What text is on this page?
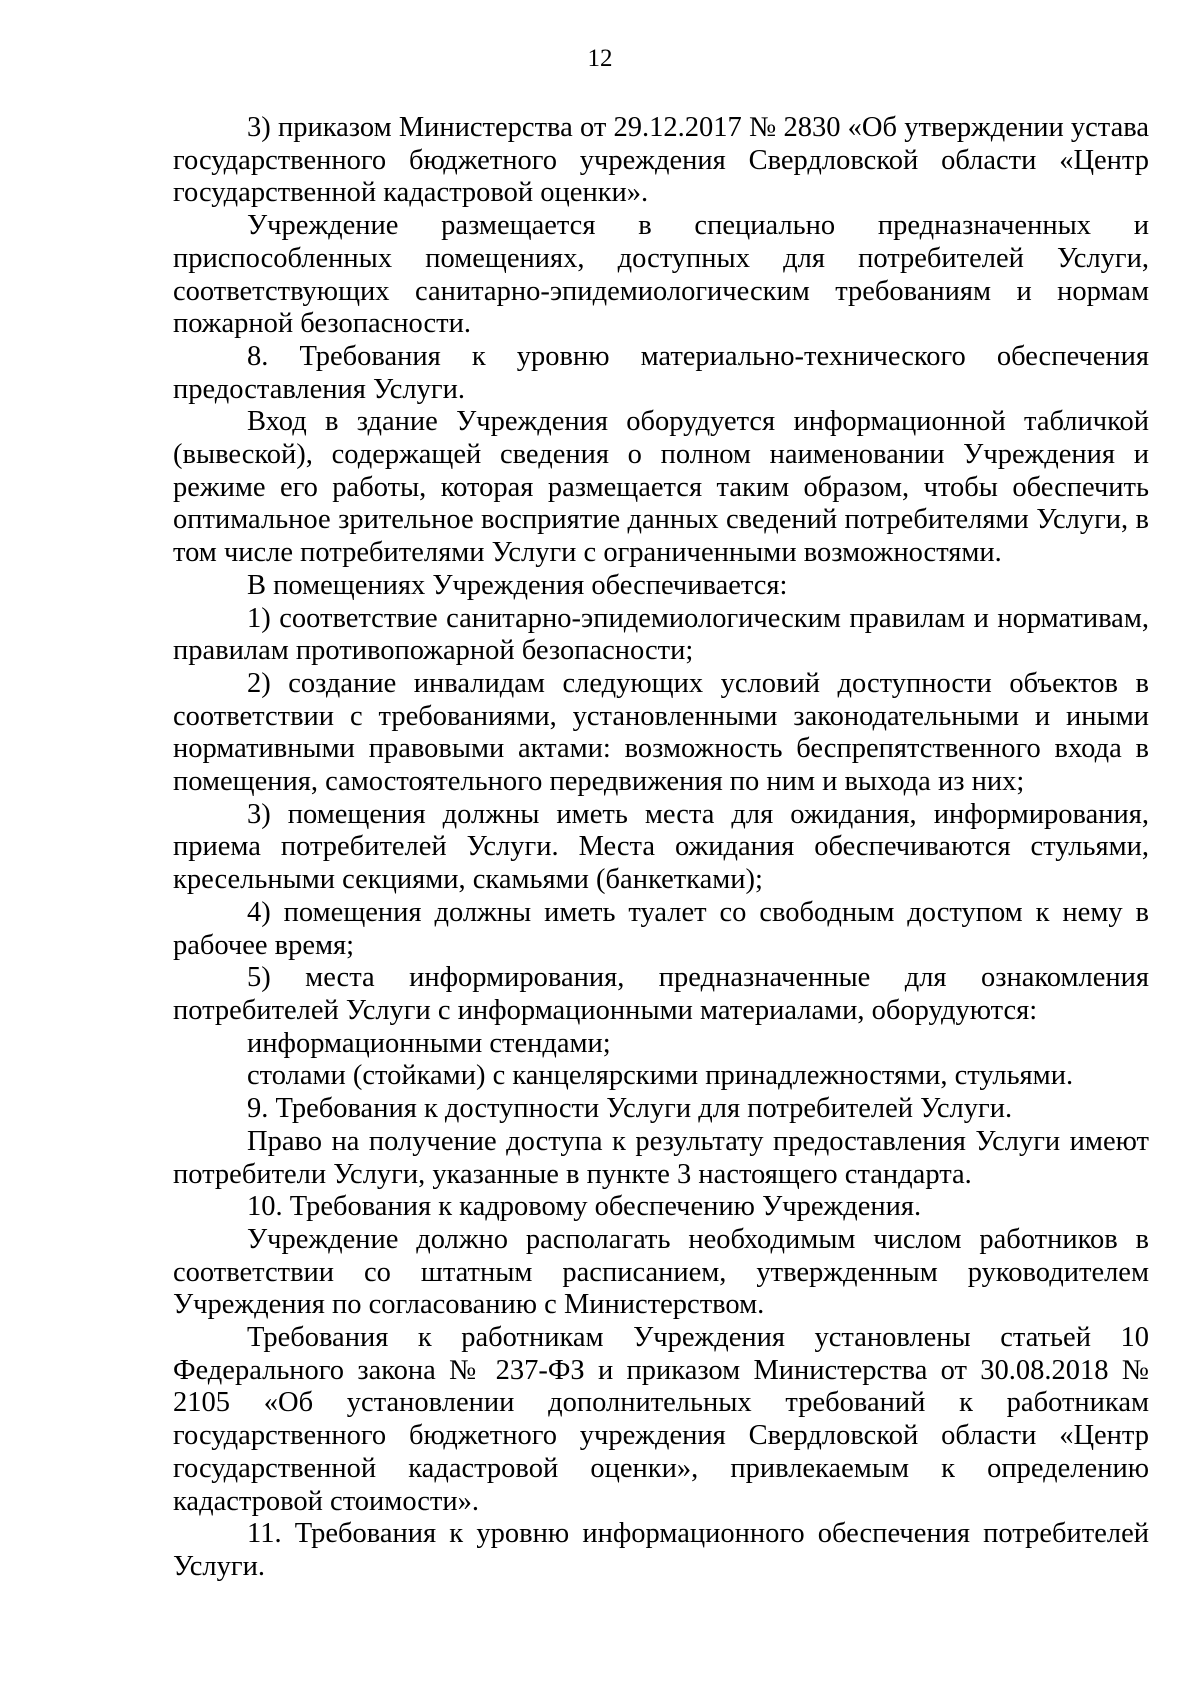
12

3) приказом Министерства от 29.12.2017 № 2830 «Об утверждении устава государственного бюджетного учреждения Свердловской области «Центр государственной кадастровой оценки».

Учреждение размещается в специально предназначенных и приспособленных помещениях, доступных для потребителей Услуги, соответствующих санитарно-эпидемиологическим требованиям и нормам пожарной безопасности.

8. Требования к уровню материально-технического обеспечения предоставления Услуги.

Вход в здание Учреждения оборудуется информационной табличкой (вывеской), содержащей сведения о полном наименовании Учреждения и режиме его работы, которая размещается таким образом, чтобы обеспечить оптимальное зрительное восприятие данных сведений потребителями Услуги, в том числе потребителями Услуги с ограниченными возможностями.

В помещениях Учреждения обеспечивается:

1) соответствие санитарно-эпидемиологическим правилам и нормативам, правилам противопожарной безопасности;

2) создание инвалидам следующих условий доступности объектов в соответствии с требованиями, установленными законодательными и иными нормативными правовыми актами: возможность беспрепятственного входа в помещения, самостоятельного передвижения по ним и выхода из них;

3) помещения должны иметь места для ожидания, информирования, приема потребителей Услуги. Места ожидания обеспечиваются стульями, кресельными секциями, скамьями (банкетками);

4) помещения должны иметь туалет со свободным доступом к нему в рабочее время;

5) места информирования, предназначенные для ознакомления потребителей Услуги с информационными материалами, оборудуются:

информационными стендами;

столами (стойками) с канцелярскими принадлежностями, стульями.

9. Требования к доступности Услуги для потребителей Услуги.

Право на получение доступа к результату предоставления Услуги имеют потребители Услуги, указанные в пункте 3 настоящего стандарта.

10. Требования к кадровому обеспечению Учреждения.

Учреждение должно располагать необходимым числом работников в соответствии со штатным расписанием, утвержденным руководителем Учреждения по согласованию с Министерством.

Требования к работникам Учреждения установлены статьей 10 Федерального закона № 237-ФЗ и приказом Министерства от 30.08.2018 № 2105 «Об установлении дополнительных требований к работникам государственного бюджетного учреждения Свердловской области «Центр государственной кадастровой оценки», привлекаемым к определению кадастровой стоимости».

11. Требования к уровню информационного обеспечения потребителей Услуги.
